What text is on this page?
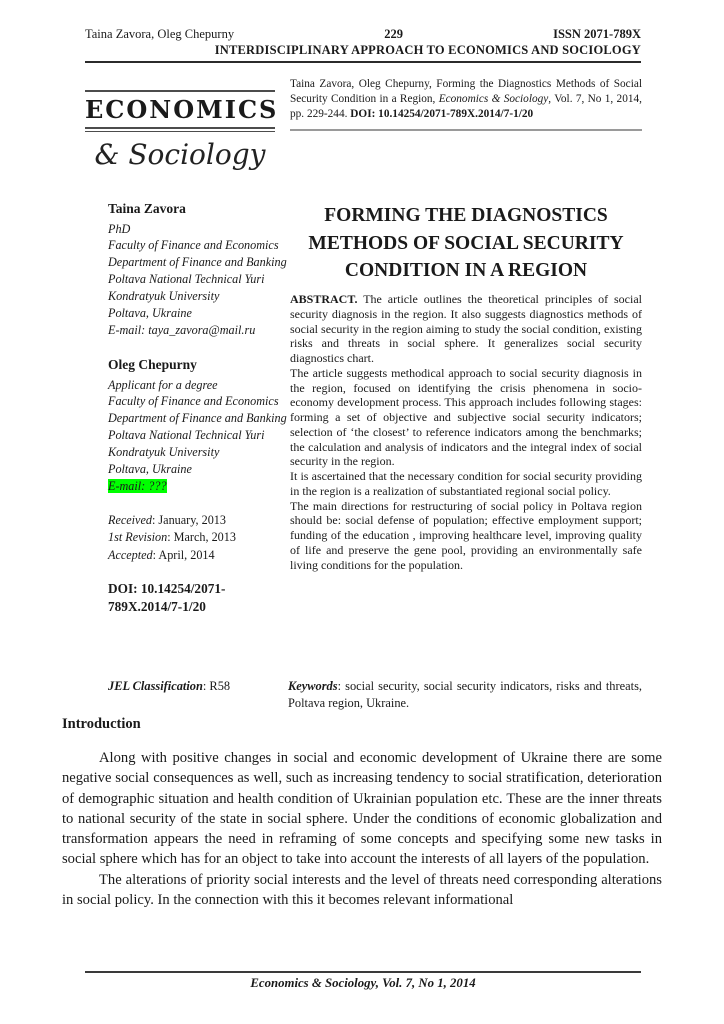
Taina Zavora, Oleg Chepurny	229	ISSN 2071-789X
INTERDISCIPLINARY APPROACH TO ECONOMICS AND SOCIOLOGY
Taina Zavora, Oleg Chepurny, Forming the Diagnostics Methods of Social Security Condition in a Region, Economics & Sociology, Vol. 7, No 1, 2014, pp. 229-244. DOI: 10.14254/2071-789X.2014/7-1/20
ECONOMICS
& Sociology
Taina Zavora
PhD
Faculty of Finance and Economics
Department of Finance and Banking
Poltava National Technical Yuri Kondratyuk University
Poltava, Ukraine
E-mail: taya_zavora@mail.ru
Oleg Chepurny
Applicant for a degree
Faculty of Finance and Economics
Department of Finance and Banking
Poltava National Technical Yuri Kondratyuk University
Poltava, Ukraine
E-mail: ???
Received: January, 2013
1st Revision: March, 2013
Accepted: April, 2014
DOI: 10.14254/2071-789X.2014/7-1/20
FORMING THE DIAGNOSTICS METHODS OF SOCIAL SECURITY CONDITION IN A REGION

ABSTRACT. The article outlines the theoretical principles of social security diagnosis in the region. It also suggests diagnostics methods of social security in the region aiming to study the social condition, existing risks and threats in social sphere. It generalizes social security diagnostics chart.

The article suggests methodical approach to social security diagnosis in the region, focused on identifying the crisis phenomena in socio-economy development process. This approach includes following stages: forming a set of objective and subjective social security indicators; selection of ‘the closest’ to reference indicators among the benchmarks; the calculation and analysis of indicators and the integral index of social security in the region.

It is ascertained that the necessary condition for social security providing in the region is a realization of substantiated regional social policy.

The main directions for restructuring of social policy in Poltava region should be: social defense of population; effective employment support; funding of the education , improving healthcare level, improving quality of life and preserve the gene pool, providing an environmentally safe living conditions for the population.

JEL Classification: R58	Keywords: social security, social security indicators, risks and threats, Poltava region, Ukraine.
Introduction

Along with positive changes in social and economic development of Ukraine there are some negative social consequences as well, such as increasing tendency to social stratification, deterioration of demographic situation and health condition of Ukrainian population etc. These are the inner threats to national security of the state in social sphere. Under the conditions of economic globalization and transformation appears the need in reframing of some concepts and specifying some new tasks in social sphere which has for an object to take into account the interests of all layers of the population.

The alterations of priority social interests and the level of threats need corresponding alterations in social policy. In the connection with this it becomes relevant informational

Economics & Sociology, Vol. 7, No 1, 2014
